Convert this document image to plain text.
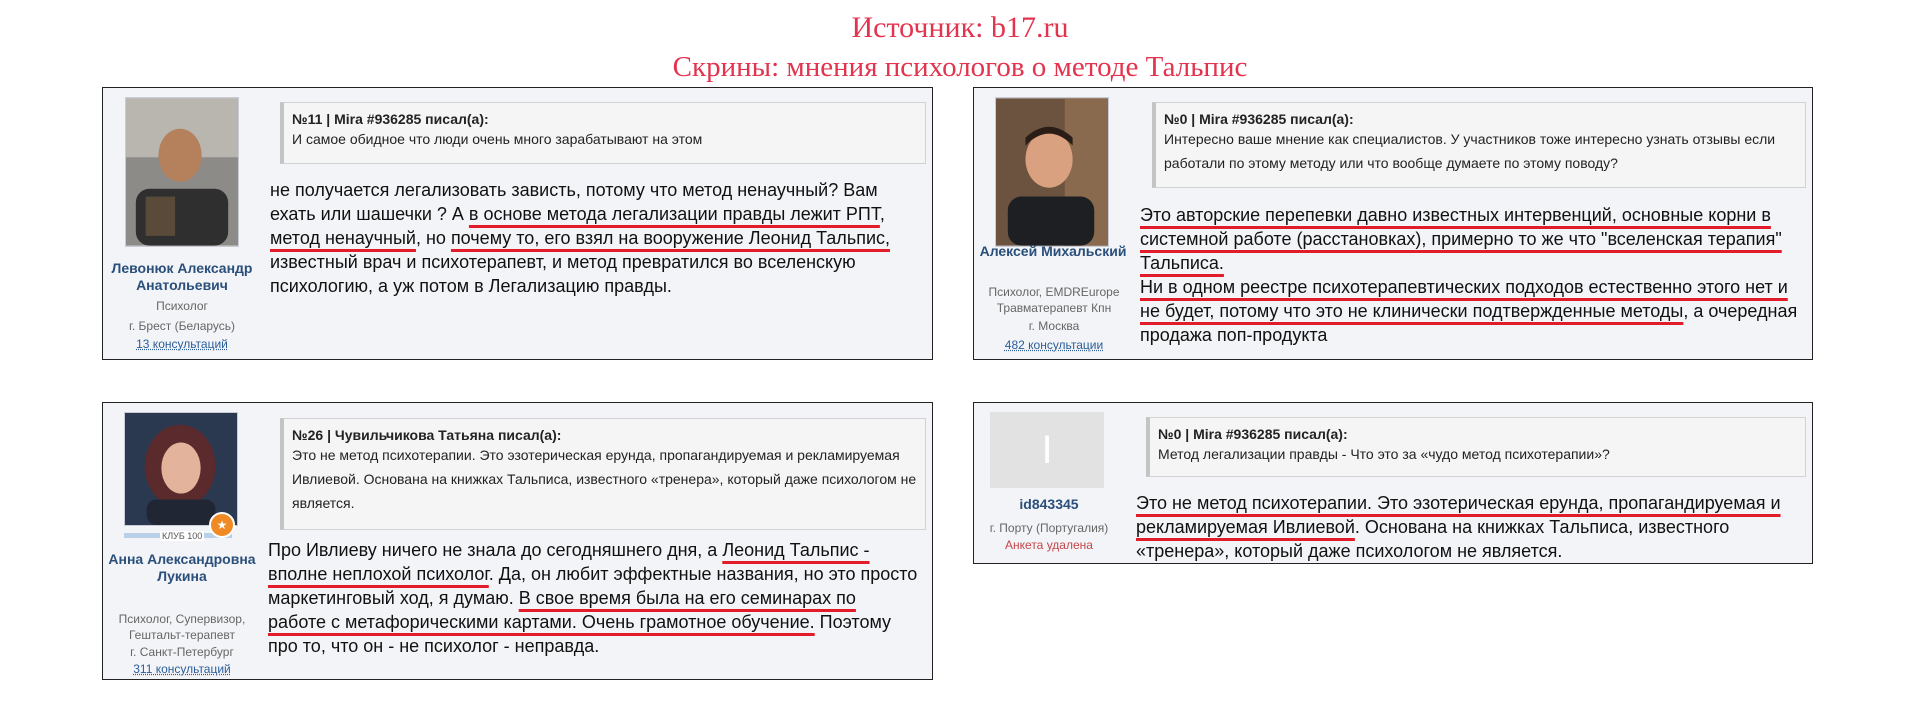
Источник: b17.ru
Скрины: мнения психологов о методе Тальпис
Левонюк Александр Анатольевич
Психолог
г. Брест (Беларусь)
13 консультаций
№11 | Mira #936285 писал(а):
И самое обидное что люди очень много зарабатывают на этом
не получается легализовать зависть, потому что метод ненаучный? Вам ехать или шашечки ? А в основе метода легализации правды лежит РПТ, метод ненаучный, но почему то, его взял на вооружение Леонид Тальпис, известный врач и психотерапевт, и метод превратился во вселенскую психологию, а уж потом в Легализацию правды.
Алексей Михальский
Психолог, EMDREurope Травматерапевт Кпн
г. Москва
482 консультации
№0 | Mira #936285 писал(а):
Интересно ваше мнение как специалистов. У участников тоже интересно узнать отзывы если работали по этому методу или что вообще думаете по этому поводу?
Это авторские перепевки давно известных интервенций, основные корни в системной работе (расстановках), примерно то же что "вселенская терапия" Тальписа.
Ни в одном реестре психотерапевтических подходов естественно этого нет и не будет, потому что это не клинически подтвержденные методы, а очередная продажа поп-продукта
КЛУБ 100
★
Анна Александровна Лукина
Психолог, Супервизор, Гештальт-терапевт
г. Санкт-Петербург
311 консультаций
№26 | Чувильчикова Татьяна писал(а):
Это не метод психотерапии. Это эзотерическая ерунда, пропагандируемая и рекламируемая Ивлиевой. Основана на книжках Тальписа, известного «тренера», который даже психологом не является.
Про Ивлиеву ничего не знала до сегодняшнего дня, а Леонид Тальпис - вполне неплохой психолог. Да, он любит эффектные названия, но это просто маркетинговый ход, я думаю. В свое время была на его семинарах по работе с метафорическими картами. Очень грамотное обучение. Поэтому про то, что он - не психолог - неправда.
I
id843345
г. Порту (Португалия)
Анкета удалена
№0 | Mira #936285 писал(а):
Метод легализации правды - Что это за «чудо метод психотерапии»?
Это не метод психотерапии. Это эзотерическая ерунда, пропагандируемая и рекламируемая Ивлиевой. Основана на книжках Тальписа, известного «тренера», который даже психологом не является.
